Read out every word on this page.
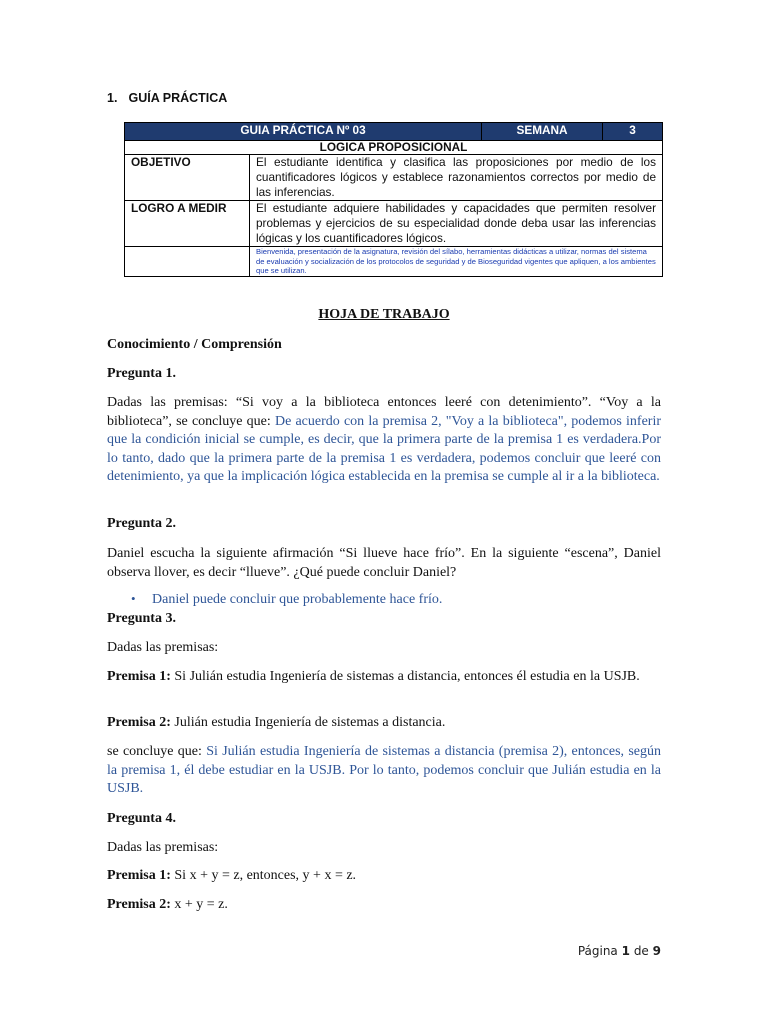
1. GUÍA PRÁCTICA
GUIA PRÁCTICA Nº 03		SEMANA	3
LOGICA PROPOSICIONAL			
OBJETIVO	El estudiante identifica y clasifica las proposiciones por medio de los cuantificadores lógicos y establece razonamientos correctos por medio de las inferencias.		
LOGRO A MEDIR	El estudiante adquiere habilidades y capacidades que permiten resolver problemas y ejercicios de su especialidad donde deba usar las inferencias lógicas y los cuantificadores lógicos.		
	Bienvenida, presentación de la asignatura, revisión del sílabo, herramientas didácticas a utilizar, normas del sistema de evaluación y socialización de los protocolos de seguridad y de Bioseguridad vigentes que apliquen, a los ambientes que se utilizan.		
HOJA DE TRABAJO

Conocimiento / Comprensión

Pregunta 1.

Dadas las premisas: “Si voy a la biblioteca entonces leeré con detenimiento”. “Voy a la biblioteca”, se concluye que: De acuerdo con la premisa 2, "Voy a la biblioteca", podemos inferir que la condición inicial se cumple, es decir, que la primera parte de la premisa 1 es verdadera.Por lo tanto, dado que la primera parte de la premisa 1 es verdadera, podemos concluir que leeré con detenimiento, ya que la implicación lógica establecida en la premisa se cumple al ir a la biblioteca.

Pregunta 2.

Daniel escucha la siguiente afirmación “Si llueve hace frío”. En la siguiente “escena”, Daniel observa llover, es decir “llueve”. ¿Qué puede concluir Daniel?

• Daniel puede concluir que probablemente hace frío.

Pregunta 3.

Dadas las premisas:

Premisa 1: Si Julián estudia Ingeniería de sistemas a distancia, entonces él estudia en la USJB.

Premisa 2: Julián estudia Ingeniería de sistemas a distancia.

se concluye que: Si Julián estudia Ingeniería de sistemas a distancia (premisa 2), entonces, según la premisa 1, él debe estudiar en la USJB. Por lo tanto, podemos concluir que Julián estudia en la USJB.

Pregunta 4.

Dadas las premisas:

Premisa 1: Si x + y = z, entonces, y + x = z.

Premisa 2: x + y = z.

Página 1 de 9
